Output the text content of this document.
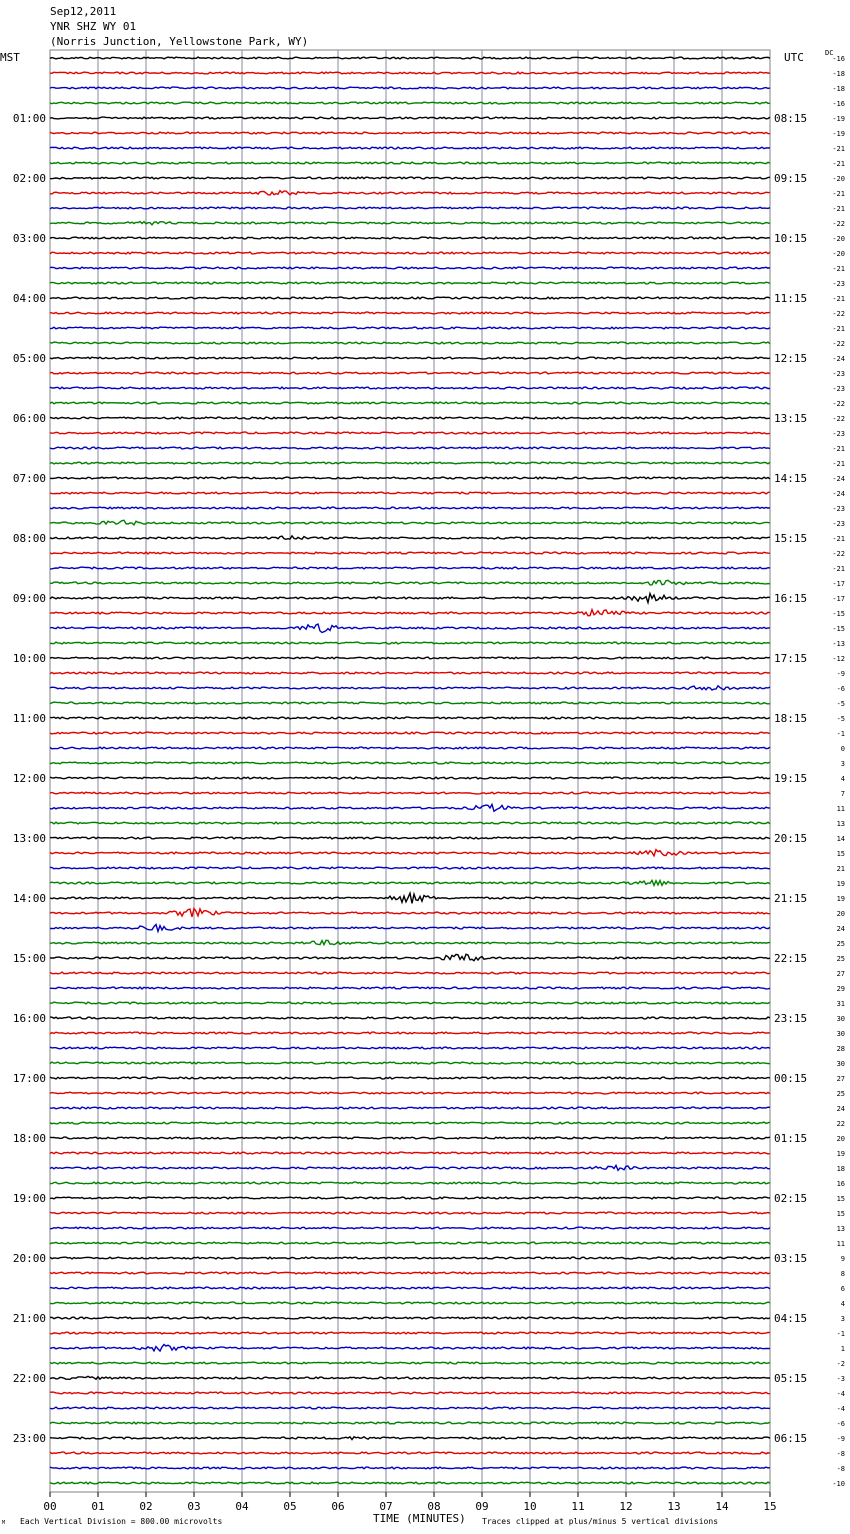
Sep12,2011
YNR SHZ WY 01
(Norris Junction, Yellowstone Park, WY)
MST	UTC	DC
01:00
02:00
03:00
04:00
05:00
06:00
07:00
08:00
09:00
10:00
11:00
12:00
13:00
14:00
15:00
16:00
17:00
18:00
19:00
20:00
21:00
22:00
23:00
08:15
09:15
10:15
11:15
12:15
13:15
14:15
15:15
16:15
17:15
18:15
19:15
20:15
21:15
22:15
23:15
00:15
01:15
02:15
03:15
04:15
05:15
06:15
-16
-18
-18
-16
-19
-19
-21
-21
-20
-21
-21
-22
-20
-20
-21
-23
-21
-22
-21
-22
-24
-23
-23
-22
-22
-23
-21
-21
-24
-24
-23
-23
-21
-22
-21
-17
-17
-15
-15
-13
-12
-9
-6
-5
-5
-1
0
3
4
7
11
13
14
15
21
19
19
20
24
25
25
27
29
31
30
30
28
30
27
25
24
22
20
19
18
16
15
15
13
11
9
8
6
4
3
-1
1
-2
-3
-4
-4
-6
-9
-8
-8
-10
00	01	02	03	04	05	06	07	08	09	10	11	12	13	14	15
M Each Vertical Division = 800.00 microvolts	TIME (MINUTES) Traces clipped at plus/minus 5 vertical divisions
